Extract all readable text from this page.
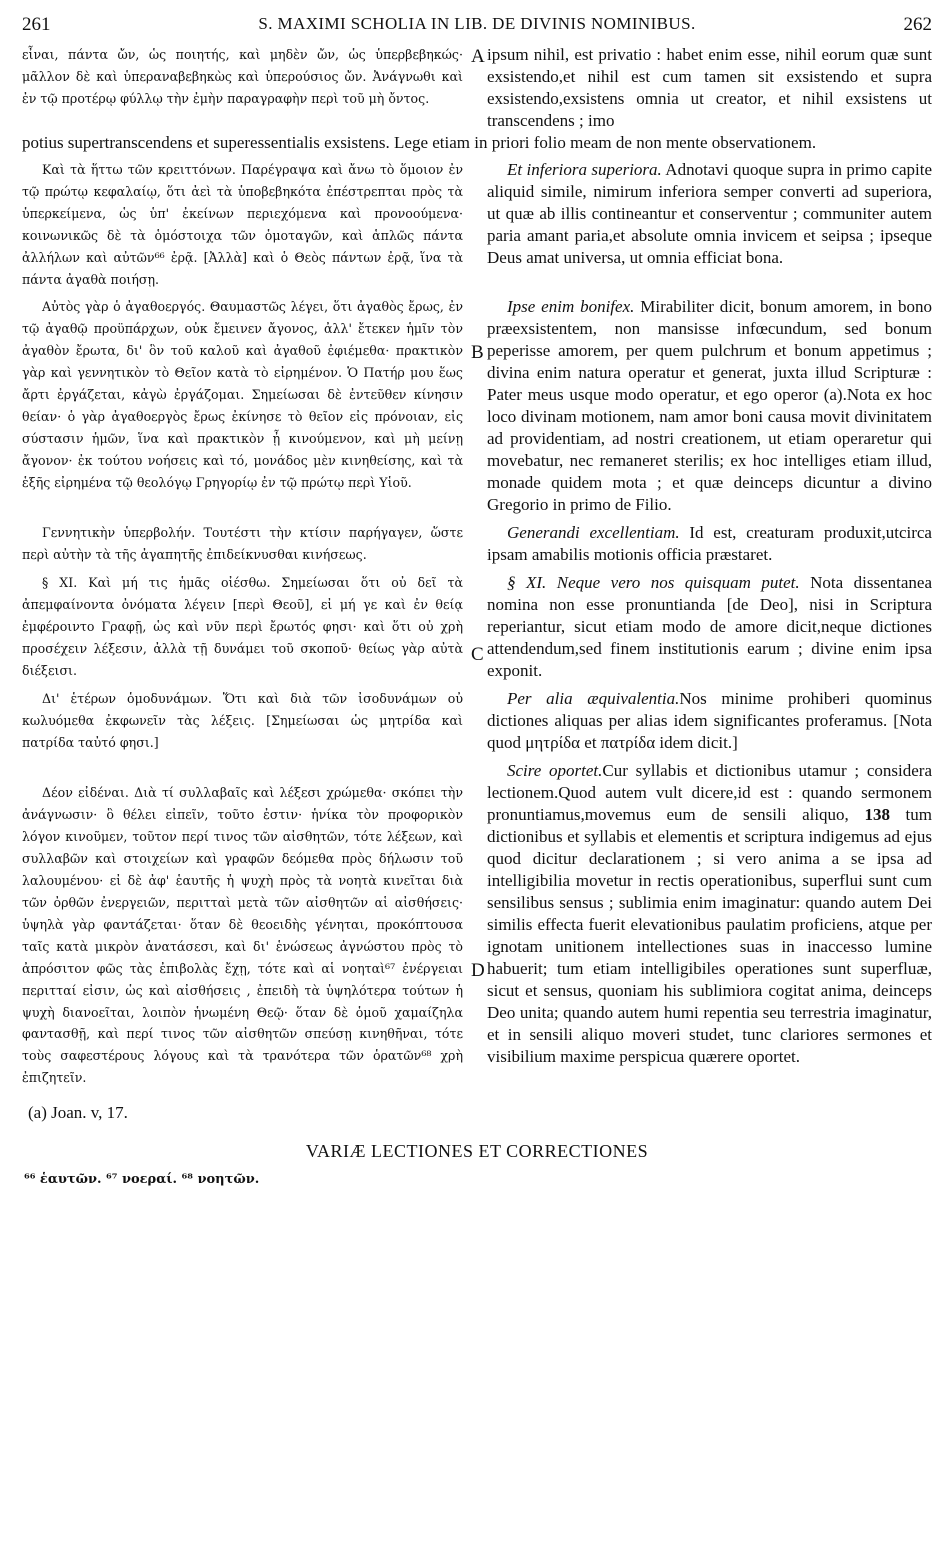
261	S. MAXIMI SCHOLIA IN LIB. DE DIVINIS NOMINIBUS.	262
εἶναι, πάντα ὤν, ὡς ποιητής, καὶ μηδὲν ὤν, ὡς ὑπερβεβηκώς· μᾶλλον δὲ καὶ ὑπεραναβεβηκὼς καὶ ὑπερούσιος ὤν. Ἀνάγνωθι καὶ ἐν τῷ προτέρῳ φύλλῳ τὴν ἐμὴν παραγραφὴν περὶ τοῦ μὴ ὄντος.
A ipsum nihil, est privatio : habet enim esse, nihil eorum quæ sunt exsistendo,et nihil est cum tamen sit exsistendo et supra exsistendo,exsistens omnia ut creator, et nihil exsistens ut transcendens ; imo
potius supertranscendens et superessentialis exsistens. Lege etiam in priori folio meam de non mente observationem.
Καὶ τὰ ἥττω τῶν κρειττόνων. Παρέγραψα καὶ ἄνω τὸ ὅμοιον ἐν τῷ πρώτῳ κεφαλαίῳ, ὅτι ἀεὶ τὰ ὑποβεβηκότα ἐπέστρεπται πρὸς τὰ ὑπερκείμενα, ὡς ὑπ' ἐκείνων περιεχόμενα καὶ προνοούμενα· κοινωνικῶς δὲ τὰ ὁμόστοιχα τῶν ὁμοταγῶν, καὶ ἁπλῶς πάντα ἀλλήλων καὶ αὐτῶν⁶⁶ ἐρᾷ. [Ἀλλὰ] καὶ ὁ Θεὸς πάντων ἐρᾷ, ἵνα τὰ πάντα ἀγαθὰ ποιήσῃ.
Et inferiora superiora. Adnotavi quoque supra in primo capite aliquid simile, nimirum inferiora semper converti ad superiora, ut quæ ab illis contineantur et conserventur ; communiter autem paria amant paria,et absolute omnia invicem et seipsa ; ipseque Deus amat universa, ut omnia efficiat bona.
Αὐτὸς γὰρ ὁ ἀγαθοεργός. Θαυμαστῶς λέγει, ὅτι ἀγαθὸς ἔρως, ἐν τῷ ἀγαθῷ προϋπάρχων, οὐκ ἔμεινεν ἄγονος, ἀλλ' ἔτεκεν ἡμῖν τὸν ἀγαθὸν ἔρωτα, δι' ὃν τοῦ καλοῦ καὶ ἀγαθοῦ ἐφιέμεθα· πρακτικὸν γὰρ καὶ γεννητικὸν τὸ Θεῖον κατὰ τὸ εἰρημένον. Ὁ Πατήρ μου ἕως ἄρτι ἐργάζεται, κἀγὼ ἐργάζομαι. Σημείωσαι δὲ ἐντεῦθεν κίνησιν θείαν· ὁ γὰρ ἀγαθοεργὸς ἔρως ἐκίνησε τὸ θεῖον εἰς πρόνοιαν, εἰς σύστασιν ἡμῶν, ἵνα καὶ πρακτικὸν ᾖ κινούμενον, καὶ μὴ μείνῃ ἄγονον· ἐκ τούτου νοήσεις καὶ τό, μονάδος μὲν κινηθείσης, καὶ τὰ ἑξῆς εἰρημένα τῷ θεολόγῳ Γρηγορίῳ ἐν τῷ πρώτῳ περὶ Υἱοῦ.
B
Ipse enim bonifex. Mirabiliter dicit, bonum amorem, in bono præexsistentem, non mansisse infœcundum, sed bonum peperisse amorem, per quem pulchrum et bonum appetimus ; divina enim natura operatur et generat, juxta illud Scripturæ : Pater meus usque modo operatur, et ego operor (a).Nota ex hoc loco divinam motionem, nam amor boni causa movit divinitatem ad providentiam, ad nostri creationem, ut etiam operaretur qui movebatur, nec remaneret sterilis; ex hoc intelliges etiam illud, monade quidem mota ; et quæ deinceps dicuntur a divino Gregorio in primo de Filio.
Γεννητικὴν ὑπερβολήν. Τουτέστι τὴν κτίσιν παρήγαγεν, ὥστε περὶ αὐτὴν τὰ τῆς ἀγαπητῆς ἐπιδείκνυσθαι κινήσεως.
Generandi excellentiam. Id est, creaturam produxit,utcirca ipsam amabilis motionis officia præstaret.
§ XI. Καὶ μή τις ἡμᾶς οἰέσθω. Σημείωσαι ὅτι οὐ δεῖ τὰ ἀπεμφαίνοντα ὀνόματα λέγειν [περὶ Θεοῦ], εἰ μή γε καὶ ἐν θείᾳ ἐμφέροιντο Γραφῇ, ὡς καὶ νῦν περὶ ἔρωτός φησι· καὶ ὅτι οὐ χρὴ προσέχειν λέξεσιν, ἀλλὰ τῇ δυνάμει τοῦ σκοποῦ· θείως γὰρ αὐτὰ διέξεισι.
C
§ XI. Neque vero nos quisquam putet. Nota dissentanea nomina non esse pronuntianda [de Deo], nisi in Scriptura reperiantur, sicut etiam modo de amore dicit,neque dictiones attendendum,sed finem institutionis earum ; divine enim ipsa exponit.
Δι' ἑτέρων ὁμοδυνάμων. Ὅτι καὶ διὰ τῶν ἰσοδυνάμων οὐ κωλυόμεθα ἐκφωνεῖν τὰς λέξεις. [Σημείωσαι ὡς μητρίδα καὶ πατρίδα ταὐτό φησι.]
Per alia æquivalentia.Nos minime prohiberi quominus dictiones aliquas per alias idem significantes proferamus. [Nota quod μητρίδα et πατρίδα idem dicit.]
Δέον εἰδέναι. Διὰ τί συλλαβαῖς καὶ λέξεσι χρώμεθα· σκόπει τὴν ἀνάγνωσιν· ὃ θέλει εἰπεῖν, τοῦτο ἐστιν· ἡνίκα τὸν προφορικὸν λόγον κινοῦμεν, τοῦτον περί τινος τῶν αἰσθητῶν, τότε λέξεων, καὶ συλλαβῶν καὶ στοιχείων καὶ γραφῶν δεόμεθα πρὸς δήλωσιν τοῦ λαλουμένου· εἰ δὲ ἀφ' ἑαυτῆς ἡ ψυχὴ πρὸς τὰ νοητὰ κινεῖται διὰ τῶν ὀρθῶν ἐνεργειῶν, περιτταὶ μετὰ τῶν αἰσθητῶν αἱ αἰσθήσεις· ὑψηλὰ γὰρ φαντάζεται· ὅταν δὲ θεοειδὴς γένηται, προκόπτουσα ταῖς κατὰ μικρὸν ἀνατάσεσι, καὶ δι' ἑνώσεως ἀγνώστου πρὸς τὸ ἀπρόσιτον φῶς τὰς ἐπιβολὰς ἔχῃ, τότε καὶ αἱ νοηταὶ⁶⁷ ἐνέργειαι περιτταί εἰσιν, ὡς καὶ αἰσθήσεις , ἐπειδὴ τὰ ὑψηλότερα τούτων ἡ ψυχὴ διανοεῖται, λοιπὸν ἡνωμένη Θεῷ· ὅταν δὲ ὁμοῦ χαμαίζηλα φαντασθῇ, καὶ περί τινος τῶν αἰσθητῶν σπεύσῃ κινηθῆναι, τότε τοὺς σαφεστέρους λόγους καὶ τὰ τρανότερα τῶν ὁρατῶν⁶⁸ χρὴ ἐπιζητεῖν.
D
Scire oportet.Cur syllabis et dictionibus utamur ; considera lectionem.Quod autem vult dicere,id est : quando sermonem pronuntiamus,movemus eum de sensili aliquo, 138 tum dictionibus et syllabis et elementis et scriptura indigemus ad ejus quod dicitur declarationem ; si vero anima a se ipsa ad intelligibilia movetur in rectis operationibus, superflui sunt cum sensilibus sensus ; sublimia enim imaginatur: quando autem Dei similis effecta fuerit elevationibus paulatim proficiens, atque per ignotam unitionem intellectiones suas in inaccesso lumine habuerit; tum etiam intelligibiles operationes sunt superfluæ, sicut et sensus, quoniam his sublimiora cogitat anima, deinceps Deo unita; quando autem humi repentia seu terrestria imaginatur, et in sensili aliquo moveri studet, tunc clariores sermones et visibilium maxime perspicua quærere oportet.
(a) Joan. v, 17.
VARIÆ LECTIONES ET CORRECTIONES
⁶⁶ ἑαυτῶν. ⁶⁷ νοεραί. ⁶⁸ νοητῶν.
